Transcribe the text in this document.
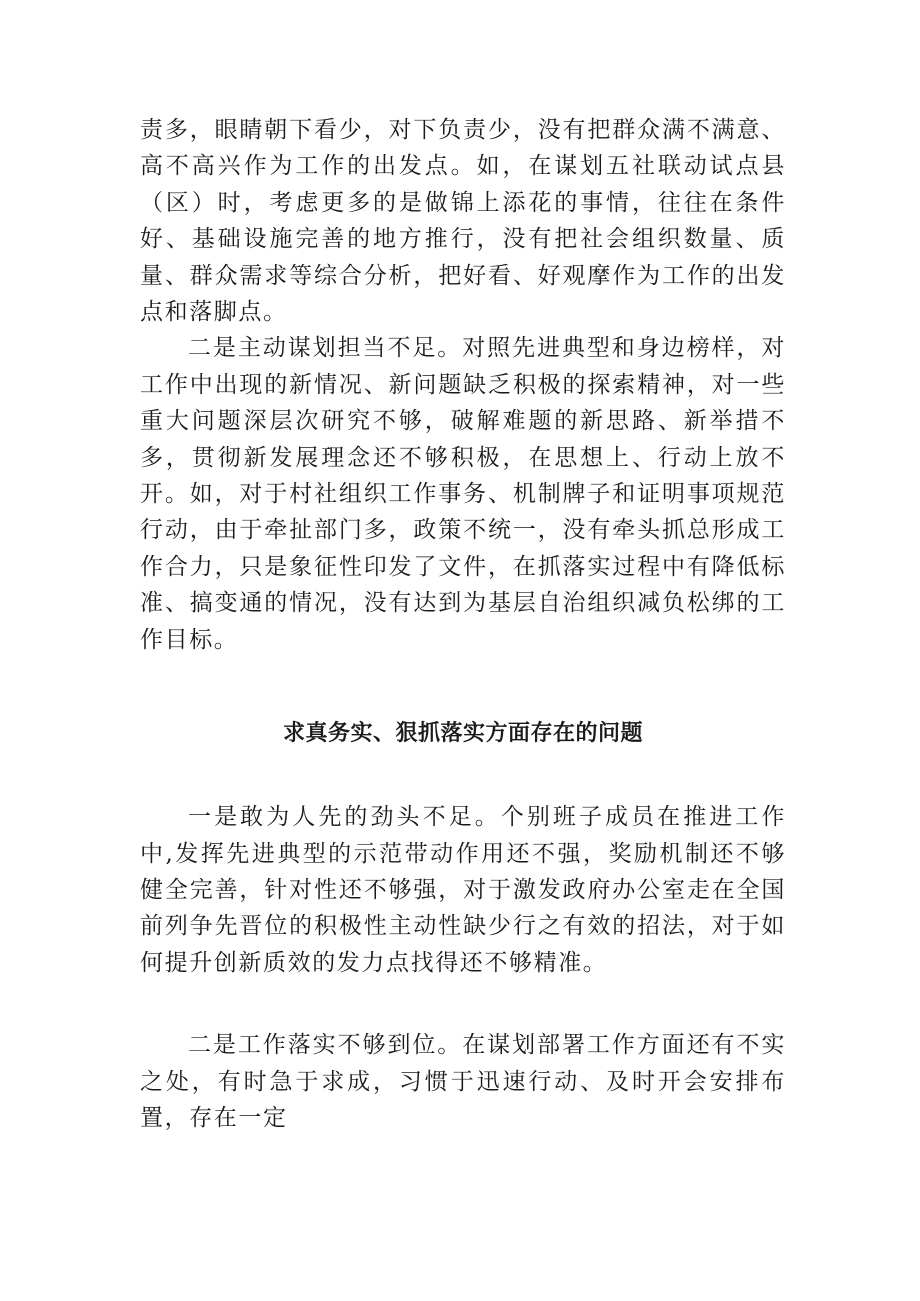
责多，眼睛朝下看少，对下负责少，没有把群众满不满意、高不高兴作为工作的出发点。如，在谋划五社联动试点县（区）时，考虑更多的是做锦上添花的事情，往往在条件好、基础设施完善的地方推行，没有把社会组织数量、质量、群众需求等综合分析，把好看、好观摩作为工作的出发点和落脚点。

二是主动谋划担当不足。对照先进典型和身边榜样，对工作中出现的新情况、新问题缺乏积极的探索精神，对一些重大问题深层次研究不够，破解难题的新思路、新举措不多，贯彻新发展理念还不够积极，在思想上、行动上放不开。如，对于村社组织工作事务、机制牌子和证明事项规范行动，由于牵扯部门多，政策不统一，没有牵头抓总形成工作合力，只是象征性印发了文件，在抓落实过程中有降低标准、搞变通的情况，没有达到为基层自治组织减负松绑的工作目标。

求真务实、狠抓落实方面存在的问题

一是敢为人先的劲头不足。个别班子成员在推进工作中,发挥先进典型的示范带动作用还不强，奖励机制还不够健全完善，针对性还不够强，对于激发政府办公室走在全国前列争先晋位的积极性主动性缺少行之有效的招法，对于如何提升创新质效的发力点找得还不够精准。

二是工作落实不够到位。在谋划部署工作方面还有不实之处，有时急于求成，习惯于迅速行动、及时开会安排布置，存在一定
